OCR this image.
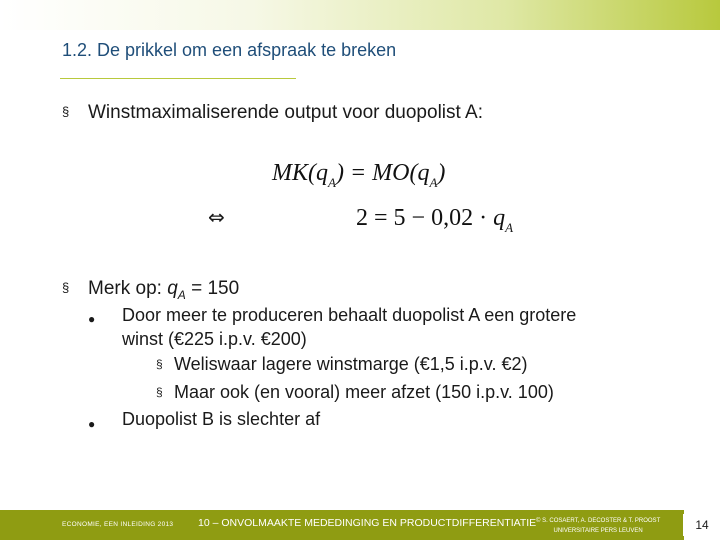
1.2. De prikkel om een afspraak te breken
§ Winstmaximaliserende output voor duopolist A:
$MK(q_A) = MO(q_A)$
⇔	$2 = 5 - 0,02 \cdot q_A$
§ Merk op: $q_A = 150$
● Door meer te produceren behaalt duopolist A een grotere
winst (€225 i.p.v. €200)
§ Weliswaar lagere winstmarge (€1,5 i.p.v. €2)
§ Maar ook (en vooral) meer afzet (150 i.p.v. 100)
● Duopolist B is slechter af
ECONOMIE, EEN INLEIDING 2013 10 – ONVOLMAAKTE MEDEDINGING EN PRODUCTDIFFERENTIATIE © S. COSAERT, A. DECOSTER & T. PROOST
UNIVERSITAIRE PERS LEUVEN	14
